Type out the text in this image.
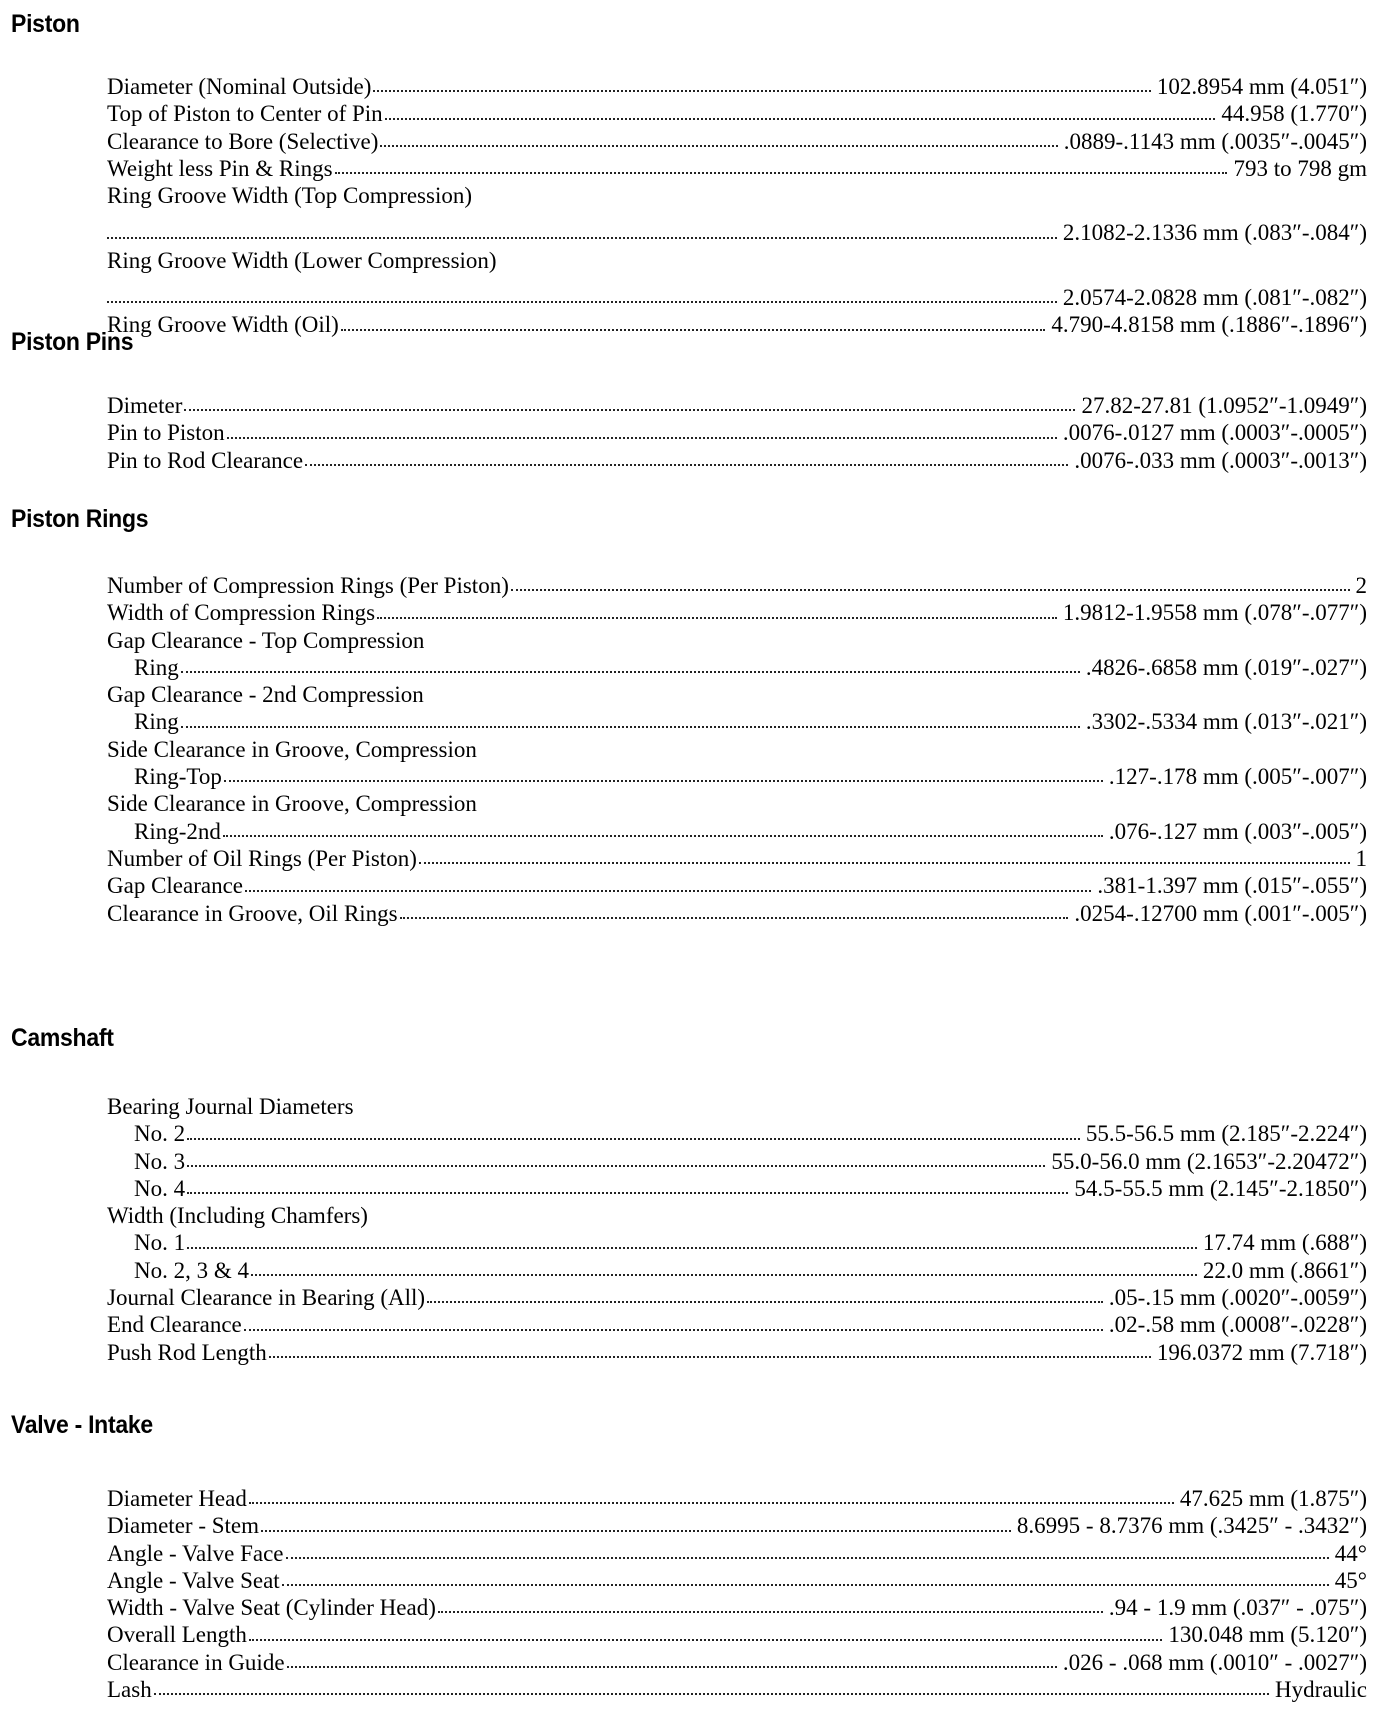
Piston
Diameter (Nominal Outside)	102.8954 mm (4.051″)
Top of Piston to Center of Pin	44.958 (1.770″)
Clearance to Bore (Selective)	.0889-.1143 mm (.0035″-.0045″)
Weight less Pin & Rings	793 to 798 gm
Ring Groove Width (Top Compression)
2.1082-2.1336 mm (.083″-.084″)
Ring Groove Width (Lower Compression)
2.0574-2.0828 mm (.081″-.082″)
Ring Groove Width (Oil)	4.790-4.8158 mm (.1886″-.1896″)
Piston Pins
Dimeter	27.82-27.81 (1.0952″-1.0949″)
Pin to Piston	.0076-.0127 mm (.0003″-.0005″)
Pin to Rod Clearance	.0076-.033 mm (.0003″-.0013″)
Piston Rings
Number of Compression Rings (Per Piston)	2
Width of Compression Rings	1.9812-1.9558 mm (.078″-.077″)
Gap Clearance - Top Compression
Ring	.4826-.6858 mm (.019″-.027″)
Gap Clearance - 2nd Compression
Ring	.3302-.5334 mm (.013″-.021″)
Side Clearance in Groove, Compression
Ring-Top	.127-.178 mm (.005″-.007″)
Side Clearance in Groove, Compression
Ring-2nd	.076-.127 mm (.003″-.005″)
Number of Oil Rings (Per Piston)	1
Gap Clearance	.381-1.397 mm (.015″-.055″)
Clearance in Groove, Oil Rings	.0254-.12700 mm (.001″-.005″)
Camshaft
Bearing Journal Diameters
No. 2	55.5-56.5 mm (2.185″-2.224″)
No. 3	55.0-56.0 mm (2.1653″-2.20472″)
No. 4	54.5-55.5 mm (2.145″-2.1850″)
Width (Including Chamfers)
No. 1	17.74 mm (.688″)
No. 2, 3 & 4	22.0 mm (.8661″)
Journal Clearance in Bearing (All)	.05-.15 mm (.0020″-.0059″)
End Clearance	.02-.58 mm (.0008″-.0228″)
Push Rod Length	196.0372 mm (7.718″)
Valve - Intake
Diameter Head	47.625 mm (1.875″)
Diameter - Stem	8.6995 - 8.7376 mm (.3425″ - .3432″)
Angle - Valve Face	44°
Angle - Valve Seat	45°
Width - Valve Seat (Cylinder Head)	.94 - 1.9 mm (.037″ - .075″)
Overall Length	130.048 mm (5.120″)
Clearance in Guide	.026 - .068 mm (.0010″ - .0027″)
Lash	Hydraulic
